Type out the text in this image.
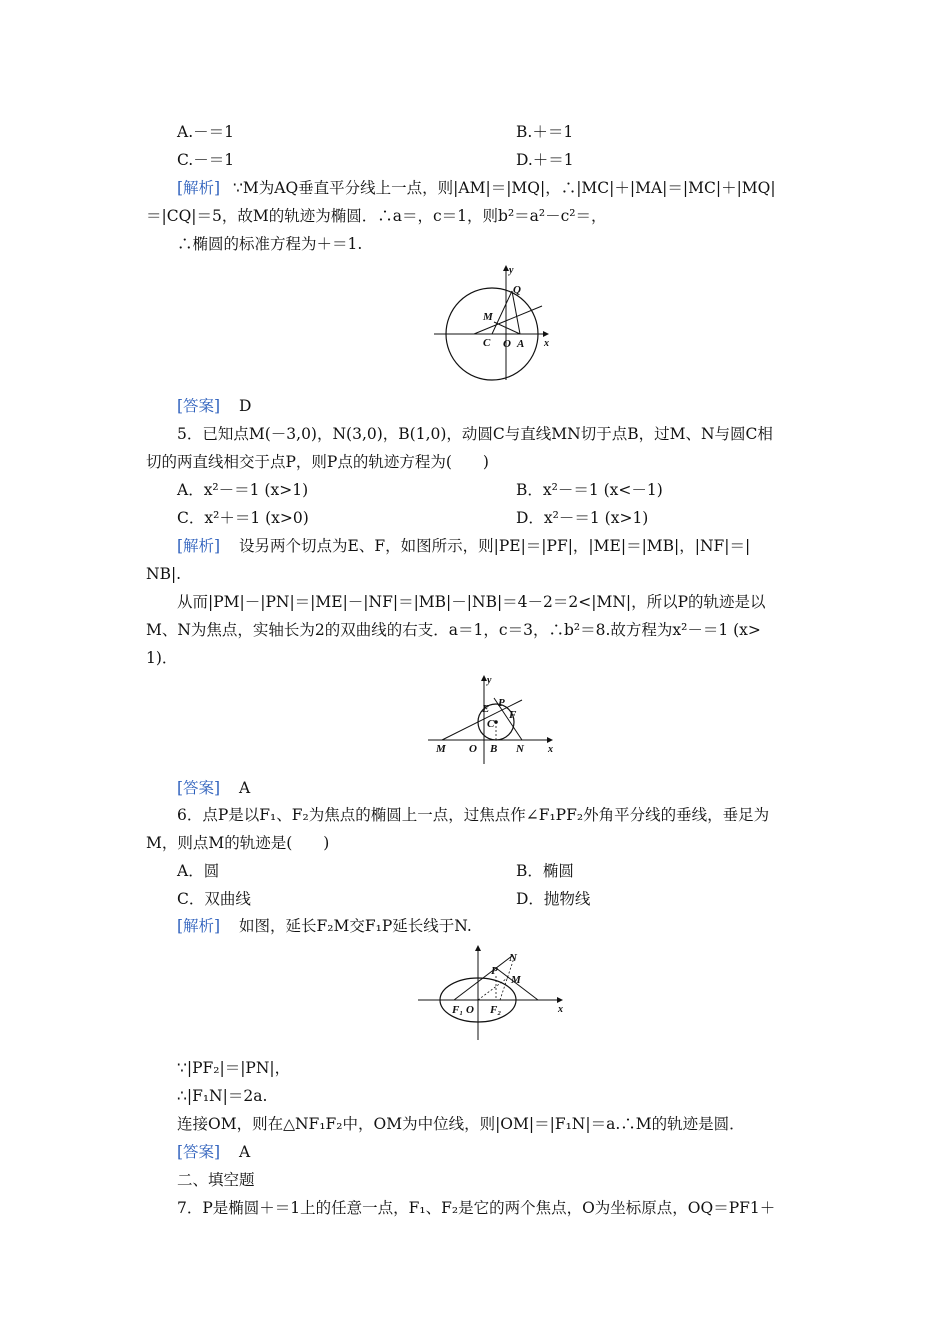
A.－＝1	B.＋＝1
C.－＝1	D.＋＝1
[解析] ∵M为AQ垂直平分线上一点，则|AM|＝|MQ|，∴|MC|＋|MA|＝|MC|＋|MQ|
＝|CQ|＝5，故M的轨迹为椭圆．∴a＝，c＝1，则b²＝a²－c²＝，
∴椭圆的标准方程为＋＝1.
y
x
Q
M
C O A
[答案] D
5．已知点M(－3,0)，N(3,0)，B(1,0)，动圆C与直线MN切于点B，过M、N与圆C相
切的两直线相交于点P，则P点的轨迹方程为(　　)
A．x²－＝1 (x>1)	B．x²－＝1 (x<－1)
C．x²＋＝1 (x>0)	D．x²－＝1 (x>1)
[解析] 设另两个切点为E、F，如图所示，则|PE|＝|PF|，|ME|＝|MB|，|NF|＝|
NB|.
从而|PM|－|PN|＝|ME|－|NF|＝|MB|－|NB|＝4－2＝2<|MN|，所以P的轨迹是以
M、N为焦点，实轴长为2的双曲线的右支．a＝1，c＝3，∴b²＝8.故方程为x²－＝1 (x>
1)．
y
x
P
E F
C
M O B N
[答案] A
6．点P是以F₁、F₂为焦点的椭圆上一点，过焦点作∠F₁PF₂外角平分线的垂线，垂足为
M，则点M的轨迹是(　　)
A．圆	B．椭圆
C．双曲线	D．抛物线
[解析] 如图，延长F₂M交F₁P延长线于N.
N
P
M
F₁ O F₂	x
∵|PF₂|＝|PN|，
∴|F₁N|＝2a.
连接OM，则在△NF₁F₂中，OM为中位线，则|OM|＝|F₁N|＝a.∴M的轨迹是圆．
[答案] A
二、填空题
7．P是椭圆＋＝1上的任意一点，F₁、F₂是它的两个焦点，O为坐标原点，OQ＝PF1＋
